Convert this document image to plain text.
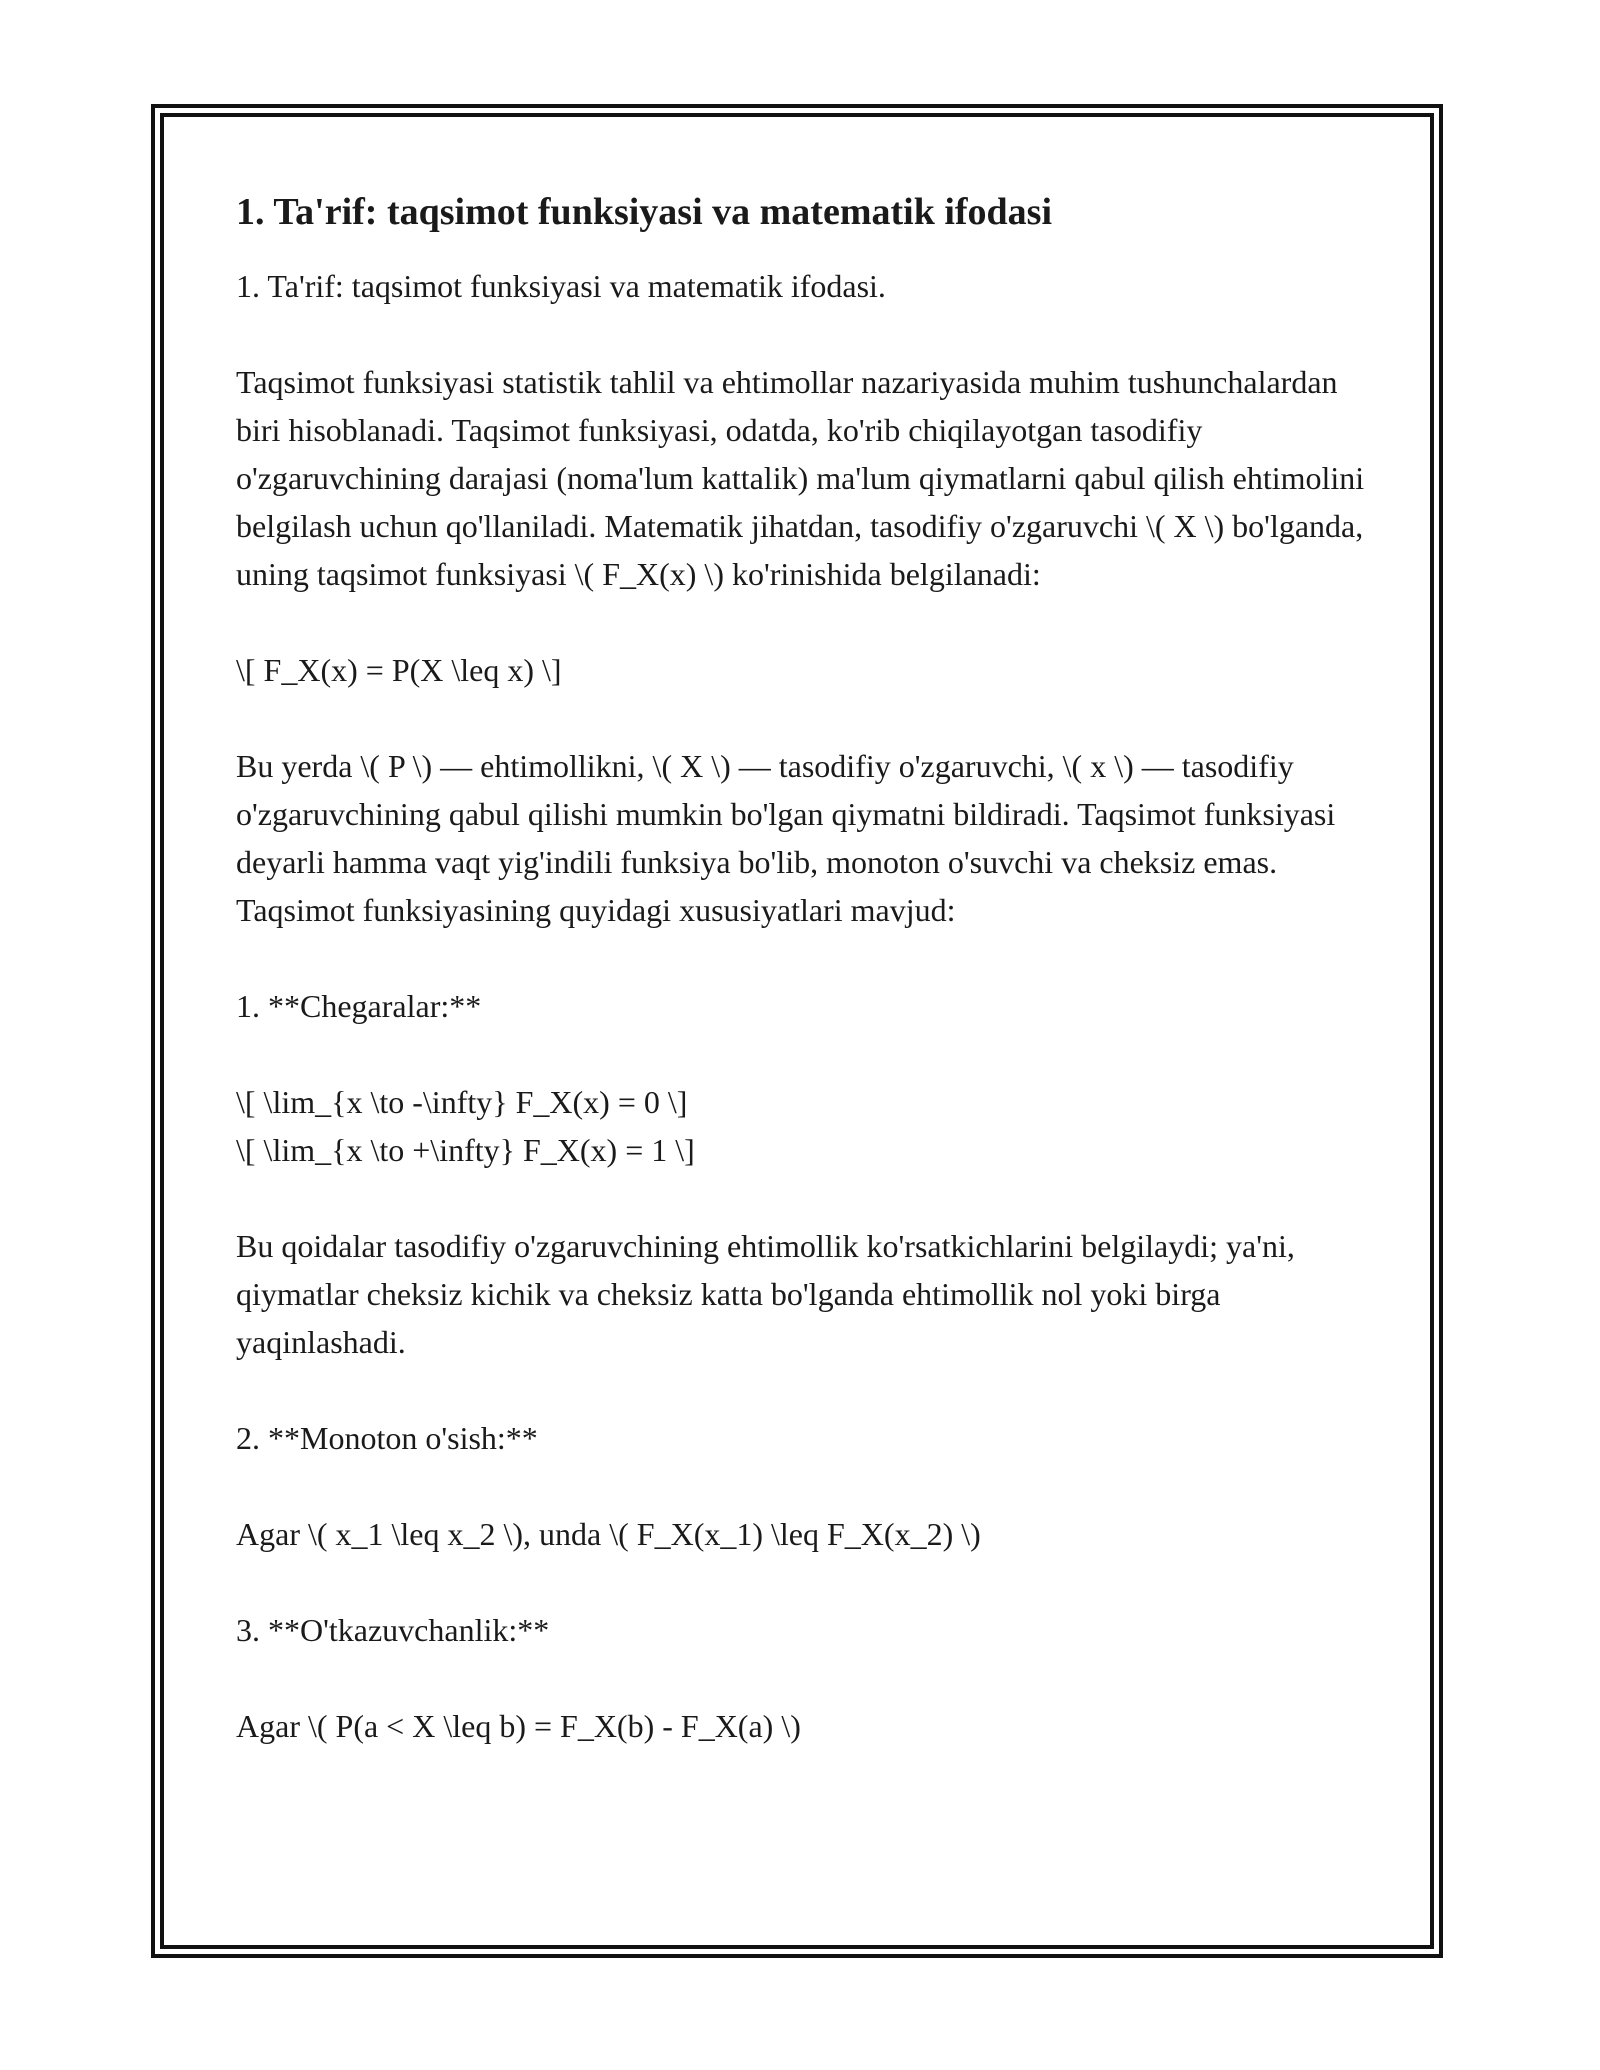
1. Ta'rif: taqsimot funksiyasi va matematik ifodasi

1. Ta'rif: taqsimot funksiyasi va matematik ifodasi.

Taqsimot funksiyasi statistik tahlil va ehtimollar nazariyasida muhim tushunchalardan biri hisoblanadi. Taqsimot funksiyasi, odatda, ko'rib chiqilayotgan tasodifiy o'zgaruvchining darajasi (noma'lum kattalik) ma'lum qiymatlarni qabul qilish ehtimolini belgilash uchun qo'llaniladi. Matematik jihatdan, tasodifiy o'zgaruvchi \( X \) bo'lganda, uning taqsimot funksiyasi \( F_X(x) \) ko'rinishida belgilanadi:

\[ F_X(x) = P(X \leq x) \]

Bu yerda \( P \) — ehtimollikni, \( X \) — tasodifiy o'zgaruvchi, \( x \) — tasodifiy o'zgaruvchining qabul qilishi mumkin bo'lgan qiymatni bildiradi. Taqsimot funksiyasi deyarli hamma vaqt yig'indili funksiya bo'lib, monoton o'suvchi va cheksiz emas. Taqsimot funksiyasining quyidagi xususiyatlari mavjud:

1. **Chegaralar:**

\[ \lim_{x \to -\infty} F_X(x) = 0 \]
\[ \lim_{x \to +\infty} F_X(x) = 1 \]

Bu qoidalar tasodifiy o'zgaruvchining ehtimollik ko'rsatkichlarini belgilaydi; ya'ni, qiymatlar cheksiz kichik va cheksiz katta bo'lganda ehtimollik nol yoki birga yaqinlashadi.

2. **Monoton o'sish:**

Agar \( x_1 \leq x_2 \), unda \( F_X(x_1) \leq F_X(x_2) \)

3. **O'tkazuvchanlik:**

Agar \( P(a < X \leq b) = F_X(b) - F_X(a) \)
